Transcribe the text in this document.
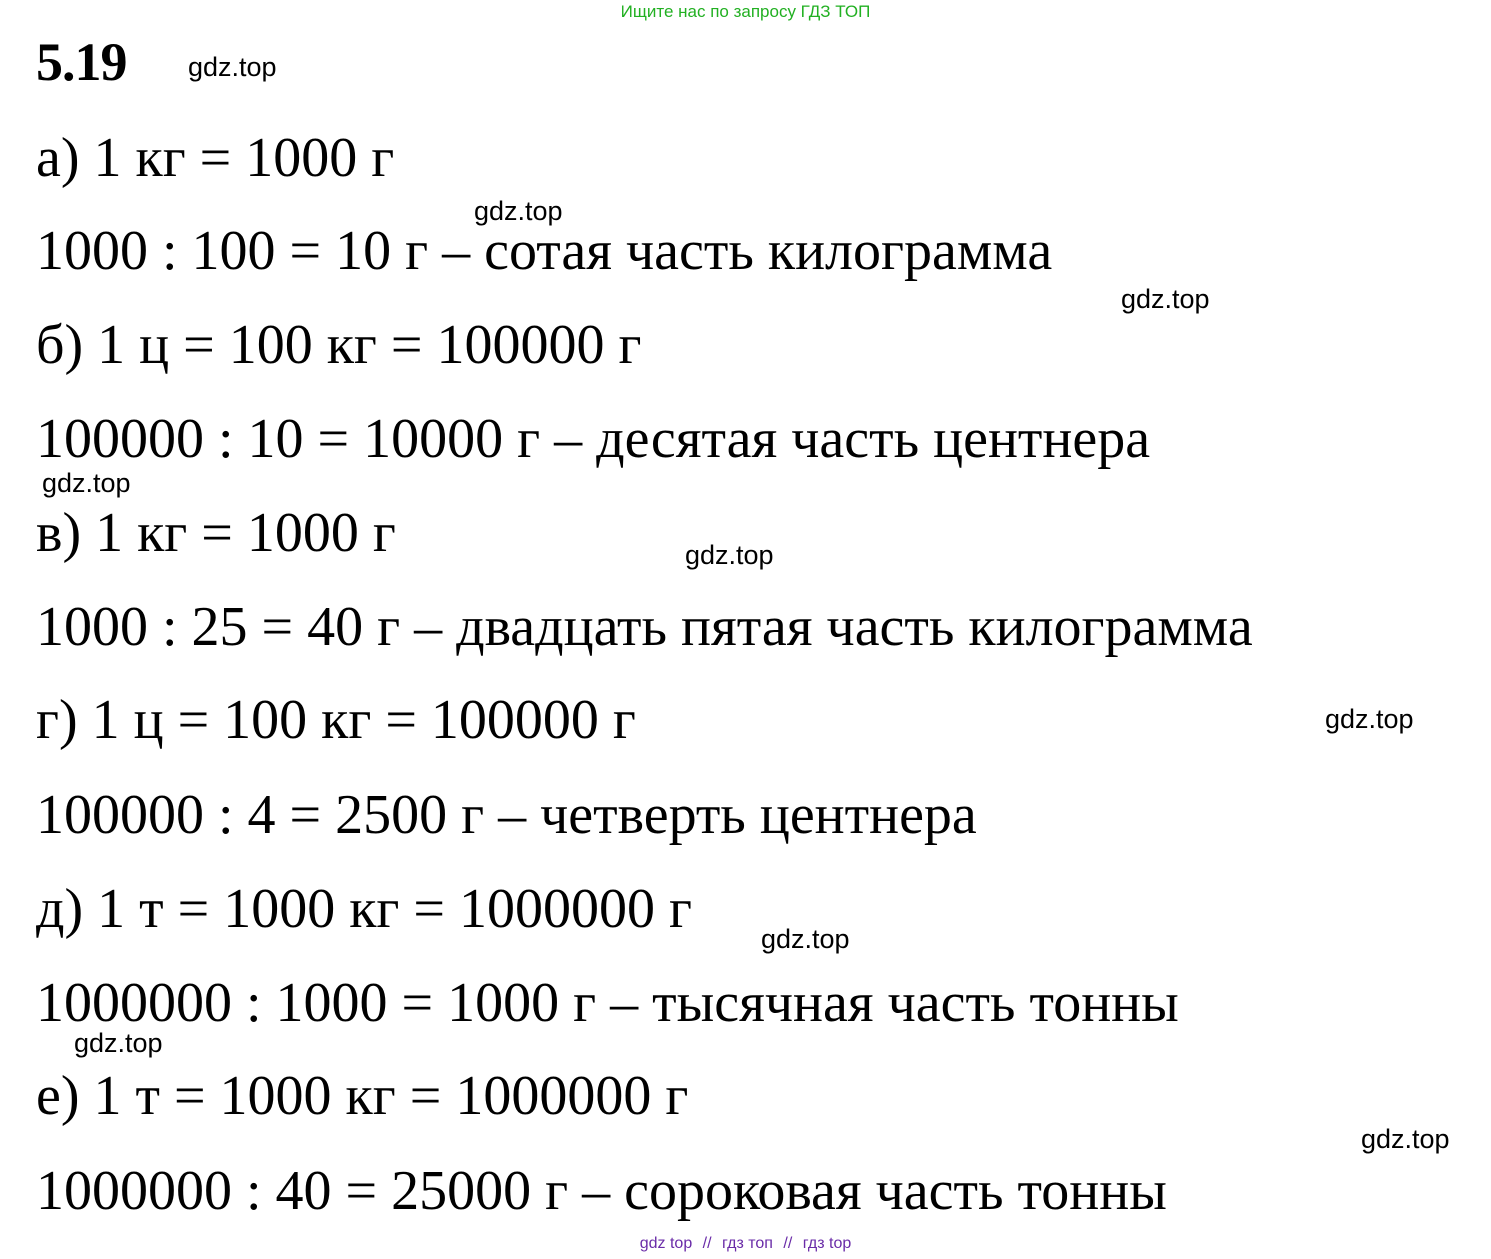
Ищите нас по запросу ГДЗ ТОП
5.19 gdz.top
а) 1 кг = 1000 г
gdz.top
1000 : 100 = 10 г – сотая часть килограмма
gdz.top
б) 1 ц = 100 кг = 100000 г
100000 : 10 = 10000 г – десятая часть центнера
gdz.top
в) 1 кг = 1000 г	gdz.top
1000 : 25 = 40 г – двадцать пятая часть килограмма
г) 1 ц = 100 кг = 100000 г	gdz.top
100000 : 4 = 2500 г – четверть центнера
д) 1 т = 1000 кг = 1000000 г	gdz.top
1000000 : 1000 = 1000 г – тысячная часть тонны
gdz.top
е) 1 т = 1000 кг = 1000000 г
gdz.top
1000000 : 40 = 25000 г – сороковая часть тонны
gdz top // гдз топ // гдз top
